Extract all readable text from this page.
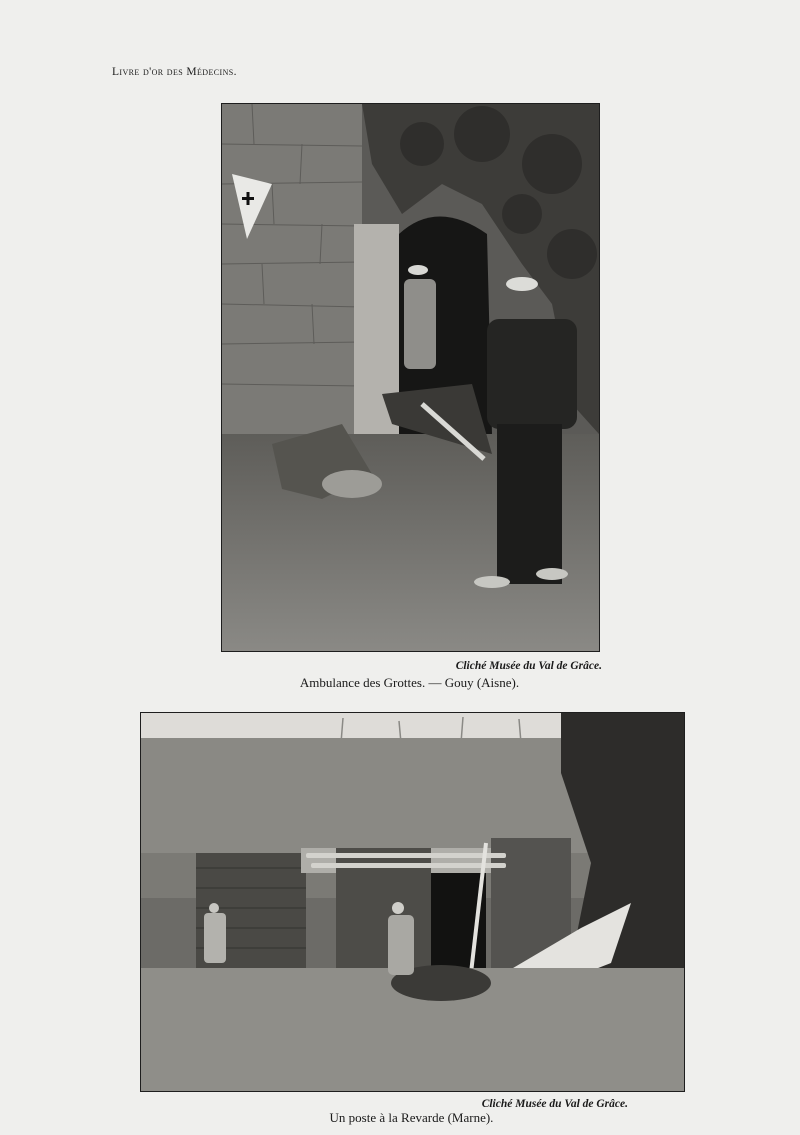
Livre d'or des Médecins.
Cliché Musée du Val de Grâce.
Ambulance des Grottes. — Gouy (Aisne).
Cliché Musée du Val de Grâce.
Un poste à la Revarde (Marne).
